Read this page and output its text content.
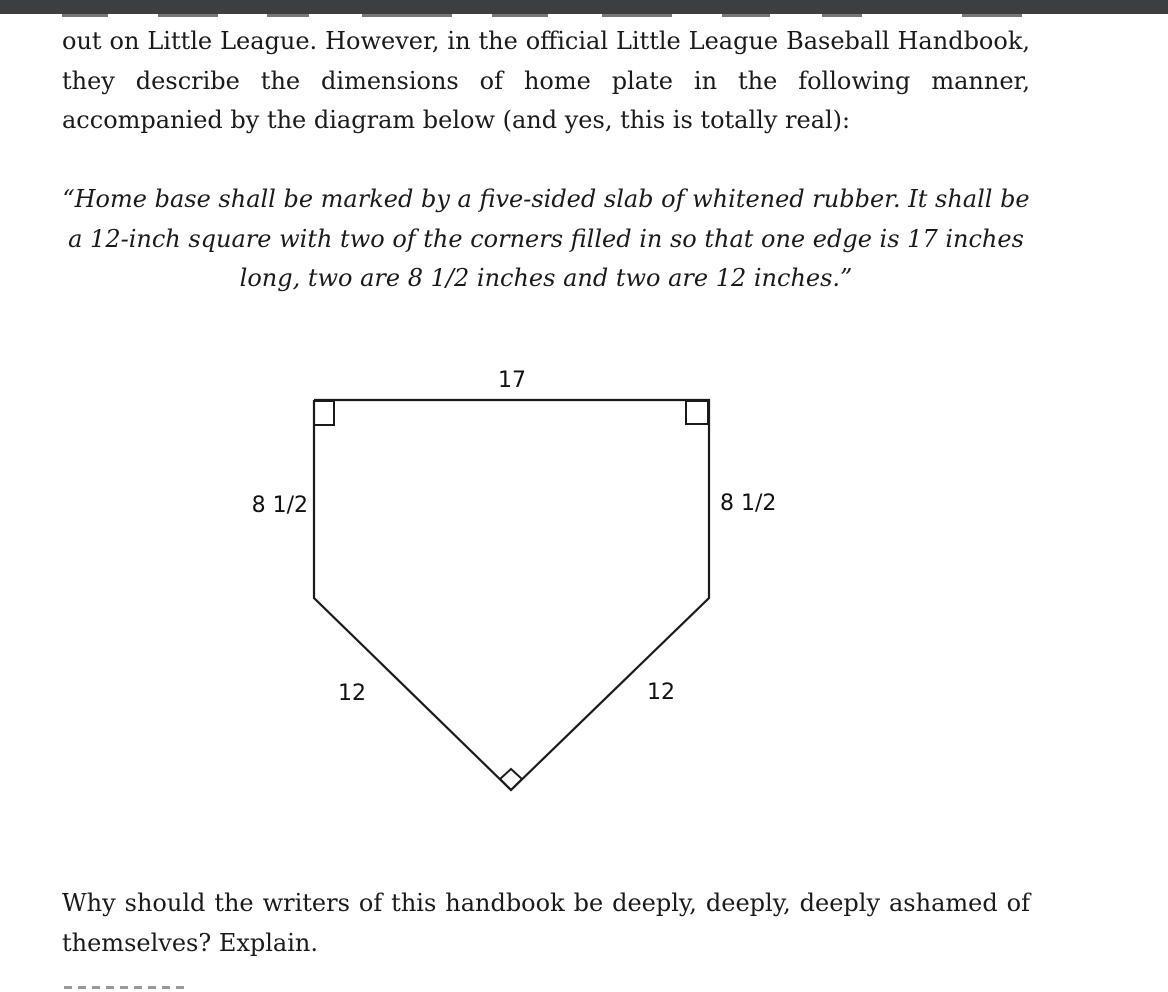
out on Little League. However, in the official Little League Baseball Handbook, they describe the dimensions of home plate in the following manner, accompanied by the diagram below (and yes, this is totally real):

“Home base shall be marked by a five-sided slab of whitened rubber. It shall be a 12-inch square with two of the corners filled in so that one edge is 17 inches long, two are 8 1/2 inches and two are 12 inches.”

17
8 1/2	8 1/2
12	12

Why should the writers of this handbook be deeply, deeply, deeply ashamed of themselves? Explain.
